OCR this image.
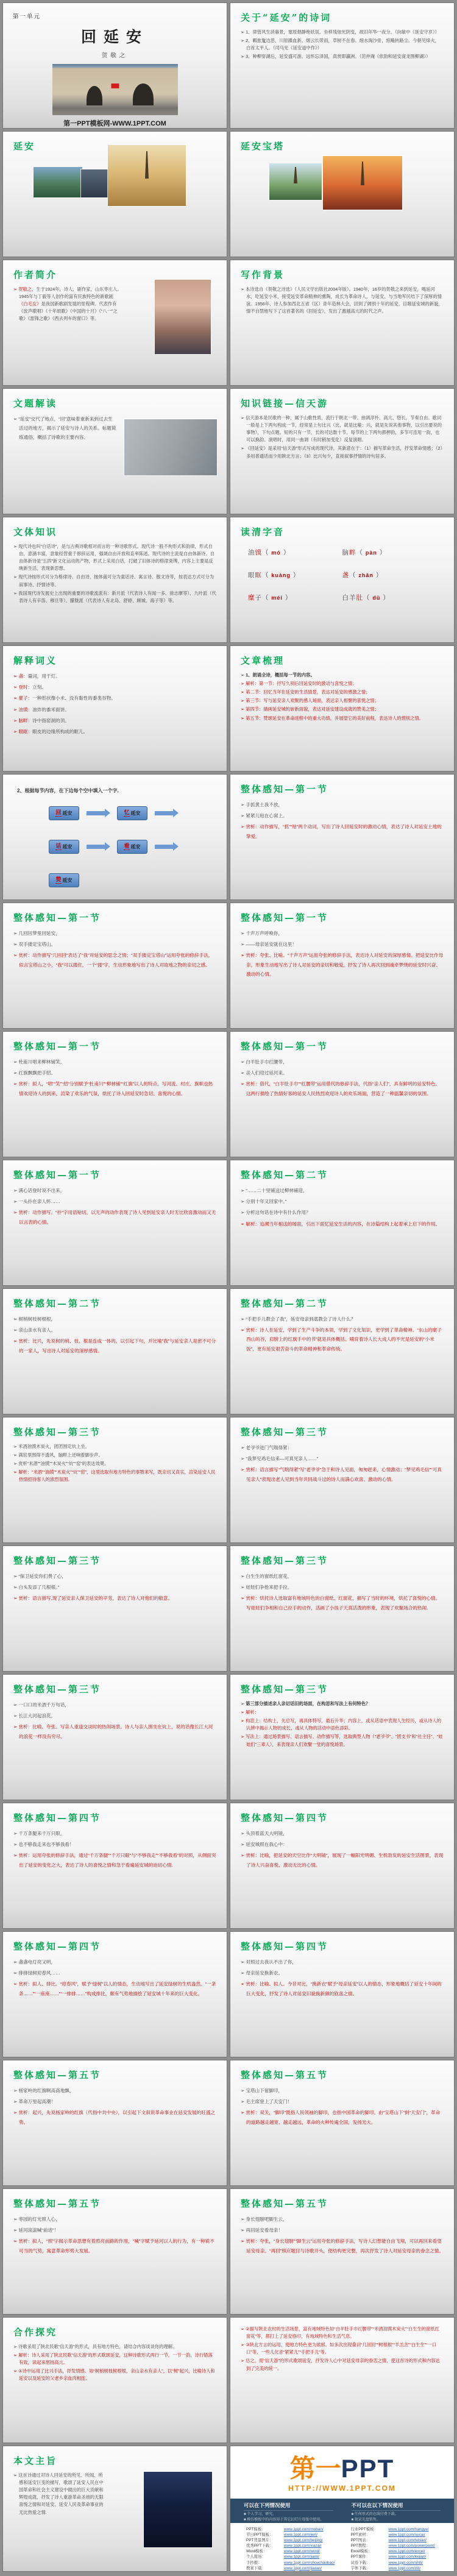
第一单元
回延安
贺敬之
第一PPT模板网-WWW.1PPT.COM
关于“延安”的诗词
➢ 1、律管风生消暮景，塞原烟静绝妖氛。坐移残烛光阴变，故旧年华一夜分。（向敏中《延安守岁》）
➢ 2、羁旅夐边思，川原蹀血新。烟云长带雨，草树不在春。细水淘沙骨，惊飚转路尘。今朝见烽火，白首太平人。（司马光《延安道中作》）
➢ 3、种柳穿湖后，延安盛可游。远怀忘泽国，真赏即瀛洲。（范仲淹《依韵和延安庞龙图柳湖》）
延安	延安宝塔
作者简介
➢ 贺敬之，生于1924年，诗人，剧作家，山东枣庄人。1945年与丁毅等人创作的富有民族特色的新歌剧《白毛女》是我国新歌剧发展的里程碑。代表作有《放声歌唱》《十年颂歌》《中国的十月》《“八一”之歌》《雷锋之歌》《西去列车的窗口》等。
写作背景
➢ 本诗选自《贺敬之诗选》（人民文学出版社2004年版）。1940年，16岁的贺敬之来到延安，喝延河水，吃延安小米，接受延安革命精神的熏陶，成长为革命诗人，与延安、与当地军民结下了深厚的情谊。1956年，诗人参加西北五省（区）青年造林大会，回到了阔别十年的延安，目睹延安城的新貌，情不自禁地写下了这首著名的《回延安》，发出了激越高亢的时代之声。
文题解读
➢ “延安”交代了地点，“回”意味着重新来到过去生活过的地方，揭示了延安与诗人的关系。标题简练通俗，概括了诗歌的主要内容。
知识链接—信天游
➢ 信天游本是民歌的一种，属于山歌性质，流行于陕北一带。曲调淳朴、高亢、悠长，节奏自由。歌词一般是上下两句构成一节，经常是上句比兴（比，就是比喻；兴，就是先说其他事物，以引出要说的事物），下句点题。短的只有一节，长的可达数十节。每节的上下两句都押韵，多节可连用一韵，也可以换韵。演唱时，用同一曲调（有时稍加变化）反复演唱。
➢ 《回延安》是采用“信天游”形式写成的现代诗，其新意在于：（1）描写革命生活，抒发革命情感；（2）多用普通话而少用陕北方言；（3）比兴句少，直接叙事抒情的诗句居多。
文体知识
➢ 现代诗也叫“白话诗”，是与古典诗歌相对而言的一种诗歌形式。现代诗一般不拘形式和韵律，形式自由，意涵丰富，意象经营重于修辞运用，强调自由开放和直率陈述。现代诗的主流是自由体新诗。自由体新诗是“五四”新文化运动的产物，形式上采用白话，打破了旧体诗的格律束缚，内容上主要是反映新生活，表现新思想。
➢ 现代诗按形式可分为格律诗、自由诗，按体裁可分为童话诗、寓言诗、散文诗等，按表达方式可分为叙事诗、抒情诗等。
➢ 我国现代诗发展史上出现的重要的诗歌流派有：新月派（代表诗人有闻一多、徐志摩等）、九叶派（代表诗人有辛笛、穆旦等）、朦胧派（代表诗人有北岛、舒婷、顾城、海子等）等。
读清字音
油馍（ mó ）	脑畔（ pàn ）
眼眶（ kuàng ）	盏（ zhǎn ）
糜子（ méi ）	白羊肚（ dǔ ）
解释词义
➢ 盏：量词，用于灯。
➢ 登时：立刻。
➢ 糜子：一种形状像小米、没有黏性的黍类谷物。
➢ 油馍：油炸的黍米面饼。
➢ 脑畔：诗中指窑洞的顶。
➢ 眼眶：眼皮的边缘所构成的眶儿。
文章梳理
➢ 1、朗诵全诗，概括每一节的内容。
➢ 解析：第一节：抒写久别后回延安时的激动与喜悦之情；
➢ 第二节：回忆当年在延安的生活情景，表达对延安的感激之情；
➢ 第三节：写与延安亲人欢聚的感人场面，表达亲人相聚的喜悦之情；
➢ 第四节：描画延安城的崭新面貌，表达对延安建设成就的赞美之情；
➢ 第五节：赞颂延安在革命进程中的重大功绩，并展望它的美好前程，表达诗人的惜别之情。
2、根据每节内容，在下边每个空中填入一个字.
回 延安	忆 延安
话 延安	看 延安
赞 延安
整体感知—第一节
➢ 手抓黄土我不放，
➢ 紧紧儿贴在心窝上。
➢ 赏析：动作描写，“抓”“贴”两个动词，写出了诗人回延安时的激动心情，表达了诗人对延安土地的挚爱。
整体感知—第一节
➢ 几回回梦里回延安，
➢ 双手搂定宝塔山。
➢ 赏析：动作描写“几回回”表达了“我”对延安的思念之情；“双手搂定宝塔山”运用夸张的修辞手法，似言宝塔山之小，“我”可以搂住，一个“搂”字，生动形象地写出了诗人对故地之物的亲切之感。
整体感知—第一节
➢ 千声万声呼唤你，
➢ ——母亲延安就在这里！
➢ 赏析：夸张、比喻。“千声万声”运用夸张的修辞手法，表达诗人对延安的深厚感情。把延安比作母亲，形象生动地写出了诗人对延安的亲切和敬爱，抒发了诗人再次回到魂牵梦绕的延安时兴奋、激动的心情。
整体感知—第一节
➢ 杜甫川唱来柳林铺笑，
➢ 红旗飘飘把手招。
➢ 赏析：拟人，“唱”“笑”“招”分别赋予“杜甫川”“柳林铺”“红旗”以人的特点，写河流、村庄、旗帜也热情欢迎诗人的到来，渲染了欢乐的气氛，烘托了诗人回延安时急切、喜悦的心情。
整体感知—第一节
➢ 白羊肚手巾红腰带，
➢ 亲人们迎过延河来。
➢ 赏析：借代，“白羊肚手巾”“红腰带”运用借代的修辞手法，代指“亲人们”，具有鲜明的延安特色。这两行描绘了热情好客的延安人民热烈欢迎诗人的欢乐场面，营造了一种温馨亲切的氛围。
整体感知—第一节
➢ 满心话登时说不出来，
➢ 一头扑在亲人怀……
➢ 赏析：动作描写。“扑”字用语贴切，以无声的动作表现了诗人见到延安亲人时无比欣喜激动而又无以言表的心情。
整体感知—第二节
➢ “……二十里铺送过柳林铺迎，
➢ 分别十年又回家中。”
➢ 分析这句话在诗中有什么作用？
➢ 解析：追溯当年相送的场面，引出下面忆延安生活的内容，在诗篇结构上起着承上启下的作用。
整体感知—第二节
➢ 树梢树枝树根根，
➢ 亲山亲水有亲人。
➢ 赏析：比兴，先说树的梢、枝、根是连成一体的，以引起下句，并比喻”我”与延安亲人是密不可分的一家人，写出诗人对延安的深厚感情。
整体感知—第二节
➢ “手把手儿教会了我”，延安母亲到底教会了诗人什么？
➢ 赏析：诗人在延安，学到了生产斗争的本领，学到了文化知识，更学到了革命精神。“东山的糜子西山的谷，肩膀上的红旗手中的书”就是具体概括。哺育着诗人长大成人的不光是延安的“小米饭”，更有延安艰苦奋斗的革命精神和革命传统。
整体感知—第三节
➢ 米酒油馍木炭火，团团围定炕上坐。
➢ 满窑里围得不透风，脑畔上还响着脚步声。
➢ 赏析“米酒”“油馍”“木炭火”“炕”“窑”的表达效果。
➢ 解析：“米酒”“油馍”“木炭火”“炕”“窑”，这里选取有地方特色的事物来写，既亲切又真实，渲染延安人民热情招待客人的浓烈氛围。
整体感知—第三节
➢ 老爷爷进门气喘得紧：
➢ “我梦见鸡毛信来—可真见亲人……”
➢ 赏析：语言描写“气喘得紧”写“老爷爷”急于和诗人见面，匆匆赶来，心情激动；“梦见鸡毛信”“可真见亲人”表现出老人见到当年共同战斗过的诗人而满心欢喜、激动的心情。
整体感知—第三节
➢ “保卫延安你们费了心，
➢ 白头发添了几根根。”
➢ 赏析：语言描写,现了延安亲人保卫延安的辛劳，表达了诗人对他们的敬意。
整体感知—第三节
➢ 白生生的窗纸红窗花，
➢ 娃娃们争抢来把手拉。
➢ 赏析：烘托诗人选取富有地域特色的白窗纸、红窗花，描写了当时的环境，烘托了喜悦的心情。写娃娃们争相和自己拉手的动作，活画了小孩子天真活泼的形象，表现了欢聚场合的热闹.
整体感知—第三节
➢ 一口口的米酒千万句话，
➢ 长江大河起浪花。
➢ 赏析：比喻、夸张。写亲人重逢交谈时的热闹场景。诗人与亲人围坐在炕上，说的话像长江大河的浪花一样没有穷尽。
整体感知—第三节
➢ 第三部分描述亲人亲切话旧的场面，在构思和写法上有何特色？
➢ 解析：
➢ 构思上：结构上，先总写，再具体特写，最后升华；内容上，或从话语中表现人生经历，或从诗人的认辨中揭示人物的成长，或从人物的活动中添色添彩。
➢ 写法上：通过场景描写、语言描写、动作描写等，选取典型人物（“老爷爷”、“团支书”和“社主任”、“娃娃们”三辈人），来表现亲人们欢聚一堂的喜悦场景。
整体感知—第四节
➢ 千万条腿来千万只眼，
➢ 也不够我走来也不够我看！
➢ 赏析：运用夸张的修辞手法，通过“千万条腿”“千万只眼”与“不够我走”“不够我看”的对照，从侧面突出了延安的变化之大，表达了诗人的喜悦之情和急于看遍延安城的迫切心情.
整体感知—第四节
➢ 头顶着蓝天大明镜，
➢ 延安城照在我心中：
➢ 赏析：比喻，把延安的天空比作“大明镜”，展现了一幅阳光明媚、生机勃发的延安生活图景，表现了诗人兴奋喜悦、激动无比的心情。
整体感知—第四节
➢ 盏盏电灯亮又明，
➢ 排排绿树迎春风……
➢ 赏析：拟人、排比。“迎春风”，赋予“绿树”以人的情态，生动地写出了延安绿树的生机盎然。“一条条……”“一座座……”“一排排……”构成排比，颇有气势地描绘了延安城十年来的巨大变化。
整体感知—第四节
➢ 对照过去我认不出了你，
➢ 母亲延安换新衣。
➢ 赏析：比喻、拟人。今昔对比，“换新衣”赋予“母亲延安”以人的情态，形象地概括了延安十年间的巨大变化，抒发了诗人对延安旧貌换新颜的欣喜之情。
整体感知—第五节
➢ 杨家岭的红旗啊高高地飘，
➢ 革命万里起高潮！
➢ 赏析：起兴，先说杨家岭的红旗（代指中共中央），以引起下文叙说革命事业在延安发展的旺盛之势。
整体感知—第五节
➢ 宝塔山下留脚印，
➢ 毛主席登上了天安门！
➢ 赏析：双关，“脚印”既指人民领袖的脚印，也指中国革命的脚印。由“宝塔山下”到“天安门”，革命的道路越走越宽、越走越远，革命的火种传遍全国，发扬光大。
整体感知—第五节
➢ 枣园的灯光照人心，
➢ 延河滚滚喊“前进”！
➢ 赏析：拟人，“照”字揭示革命思想有着照亮前路的作用，“喊”字赋予延河以人的行为，有一种锐不可当的气势，寓意革命形势大发展。
整体感知—第五节
➢ 身长翅膀吧脚生云，
➢ 再回延安看母亲！
➢ 赏析：夸张，“身长翅膀”“脚生云”运用夸张的修辞手法，写诗人幻想能自由飞翔，可以再回来看望延安母亲。“再回”照应题目与诗歌开头，使结构更完整，再次抒发了诗人对延安母亲的眷念之情。
合作探究
➢ 诗歌采用了陕北民歌“信天游”的形式，具有地方特色，请结合内容谈谈你的理解。
➢ 解析：诗人采用了陕北民歌“信天游”的形式歌颂延安，这种诗歌形式两行一节，一节一韵，诗行错落有致，读起来悠扬高亢。
➢ ①诗中运用了比兴手法，抒发情感。如“树梢树枝树根根，亲山亲水有亲人”，以“树”起兴，比喻诗人和延安以及延安的父老乡亲血肉相连。
➢ ②描写陕北农村的生活场景，富有地域特色如“白羊肚手巾红腰带”“米酒油馍木炭火”“白生生的窗纸红窗花”等，都打上了延安烙印，有地域特色和生活气息。
➢ ③陕北方言的运用，使地方特色更为浓郁。如多次出现叠词“几回回”“树根根”“羊羔羔”“白生生”“一口口”等，一些儿化音“紧紧儿”“手把手儿”等。
➢ 总之，用“信天游”的形式歌颂延安，抒发诗人心中对延安母亲的眷恋之情，使这首诗的形式和内容达到了完美的统一。
本文主旨
➢ 这首诗通过对诗人回延安的所见、所闻、所感和延安巨变的描写，歌颂了延安人民在中国革命和社会主义建设中做出的巨大贡献和辉煌成就，抒发了诗人重游革命圣地的无限喜悦之情和对延安、延安人民及革命事业的无比热爱之情.
第一PPT
HTTP://WWW.1PPT.COM
可以在下列情况使用
■ 个人学习、研究。
■ 模仿模板中的内容用于其它幻灯片母版中使用。
不可以在以下情况使用
■ 任何形式的在线付费下载。
■ 刻录光盘销售。
PPT模板：	www.1ppt.com/moban/
节日PPT模板：	www.1ppt.com/jieri/
PPT背景图片：	www.1ppt.com/beijing/
优秀PPT下载：	www.1ppt.com/xiazai/
Word模板：	www.1ppt.com/word/
个人简历：	www.1ppt.com/jianli/
手抄报：	www.1ppt.com/shouchaobao/
教案下载：	www.1ppt.com/jiaoan/
行业PPT模板：	www.1ppt.com/hangye/
PPT素材：	www.1ppt.com/sucai/
PPT图表：	www.1ppt.com/tubiao/
PPT教程：	www.1ppt.com/powerpoint/
Excel模板：	www.1ppt.com/excel/
PPT课件：	www.1ppt.com/kejian/
试卷下载：	www.1ppt.com/shiti/
字体下载：	www.1ppt.com/ziti/
